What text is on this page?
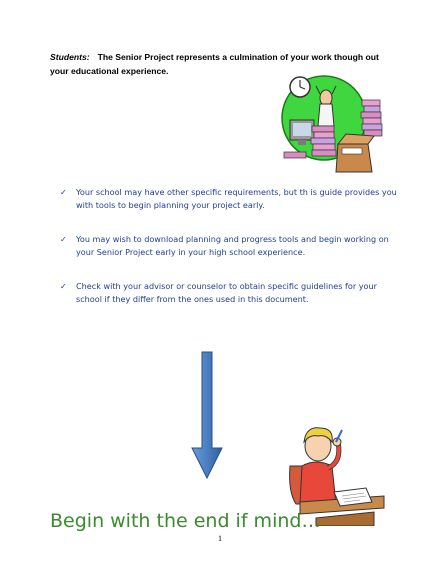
Students: The Senior Project represents a culmination of your work though out your educational experience.
✓ Your school may have other specific requirements, but th is guide provides you with tools to begin planning your project early.
✓ You may wish to download planning and progress tools and begin working on your Senior Project early in your high school experience.
✓ Check with your advisor or counselor to obtain specific guidelines for your school if they differ from the ones used in this document.
Begin with the end if mind…
1
